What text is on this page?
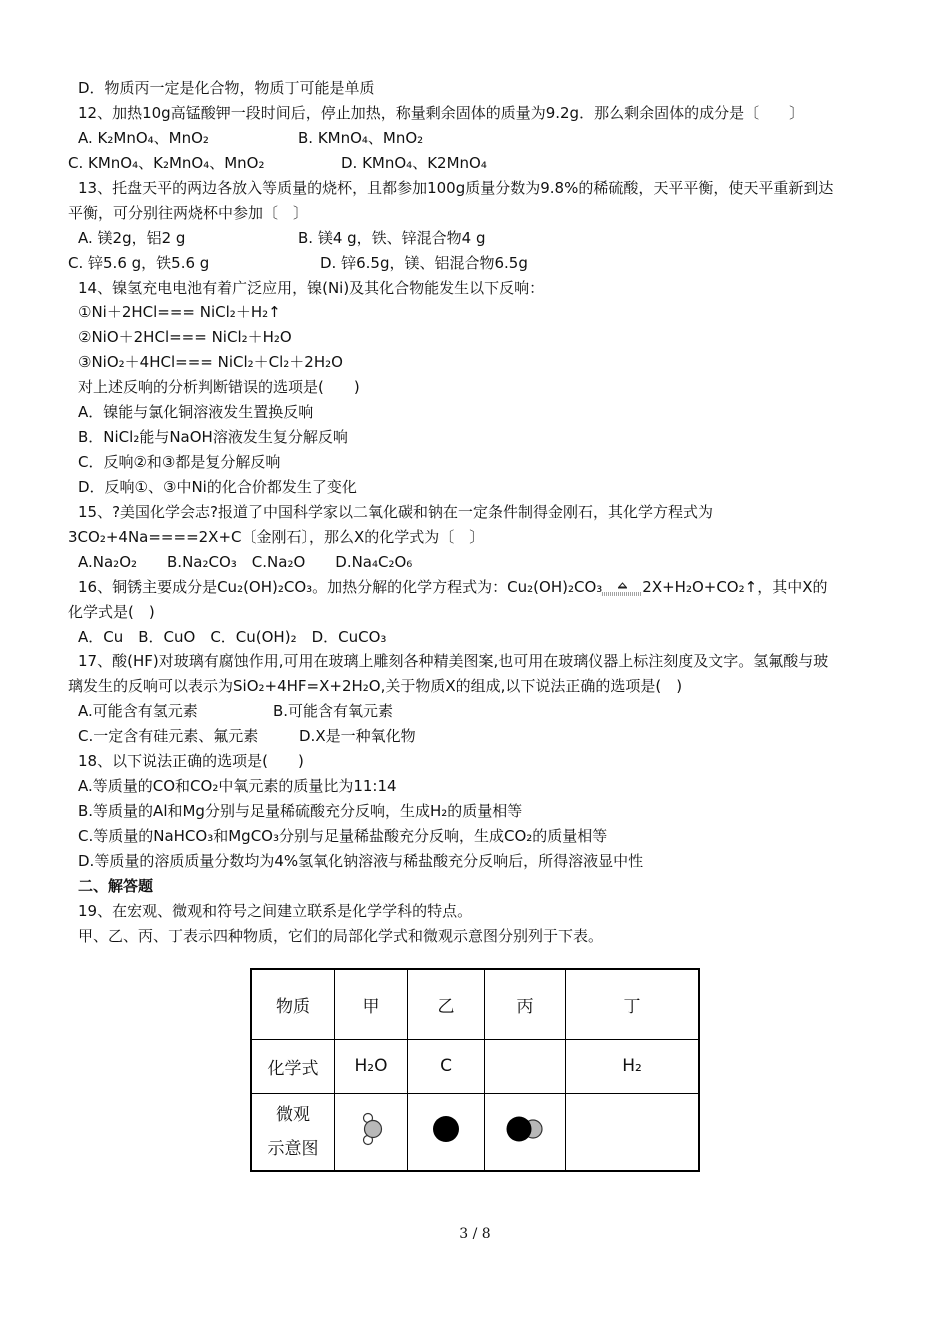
D．物质丙一定是化合物，物质丁可能是单质
12、加热10g高锰酸钾一段时间后，停止加热，称量剩余固体的质量为9.2g．那么剩余固体的成分是〔　　〕
A. K₂MnO₄、MnO₂	B. KMnO₄、MnO₂
C. KMnO₄、K₂MnO₄、MnO₂	D. KMnO₄、K2MnO₄
13、托盘天平的两边各放入等质量的烧杯，且都参加100g质量分数为9.8%的稀硫酸，天平平衡，使天平重新到达
平衡，可分别往两烧杯中参加〔　〕
A. 镁2g，铝2 g	B. 镁4 g，铁、锌混合物4 g
C. 锌5.6 g，铁5.6 g	D. 锌6.5g，镁、铝混合物6.5g
14、镍氢充电电池有着广泛应用，镍(Ni)及其化合物能发生以下反响：
①Ni＋2HCl=== NiCl₂＋H₂↑
②NiO＋2HCl=== NiCl₂＋H₂O
③NiO₂＋4HCl=== NiCl₂＋Cl₂＋2H₂O
对上述反响的分析判断错误的选项是(　　)
A．镍能与氯化铜溶液发生置换反响
B．NiCl₂能与NaOH溶液发生复分解反响
C．反响②和③都是复分解反响
D．反响①、③中Ni的化合价都发生了变化
15、?美国化学会志?报道了中国科学家以二氧化碳和钠在一定条件制得金刚石，其化学方程式为
3CO₂+4Na====2X+C〔金刚石〕，那么X的化学式为〔　〕
A.Na₂O₂　　B.Na₂CO₃　C.Na₂O　　D.Na₄C₂O₆
16、铜锈主要成分是Cu₂(OH)₂CO₃。加热分解的化学方程式为：Cu₂(OH)₂CO₃	2X+H₂O+CO₂↑，其中X的
化学式是(　)
A．Cu　B．CuO　C．Cu(OH)₂　D．CuCO₃
17、酸(HF)对玻璃有腐蚀作用,可用在玻璃上雕刻各种精美图案,也可用在玻璃仪器上标注刻度及文字。氢氟酸与玻
璃发生的反响可以表示为SiO₂+4HF=X+2H₂O,关于物质X的组成,以下说法正确的选项是(　)
A.可能含有氢元素	B.可能含有氧元素
C.一定含有硅元素、氟元素	D.X是一种氧化物
18、以下说法正确的选项是(　　)
A.等质量的CO和CO₂中氧元素的质量比为11:14
B.等质量的Al和Mg分别与足量稀硫酸充分反响，生成H₂的质量相等
C.等质量的NaHCO₃和MgCO₃分别与足量稀盐酸充分反响，生成CO₂的质量相等
D.等质量的溶质质量分数均为4%氢氧化钠溶液与稀盐酸充分反响后，所得溶液显中性
二、解答题
19、在宏观、微观和符号之间建立联系是化学学科的特点。
甲、乙、丙、丁表示四种物质，它们的局部化学式和微观示意图分别列于下表。
物质	甲	乙	丙	丁
化学式	H₂O	C		H₂

微观
示意图

3 / 8
